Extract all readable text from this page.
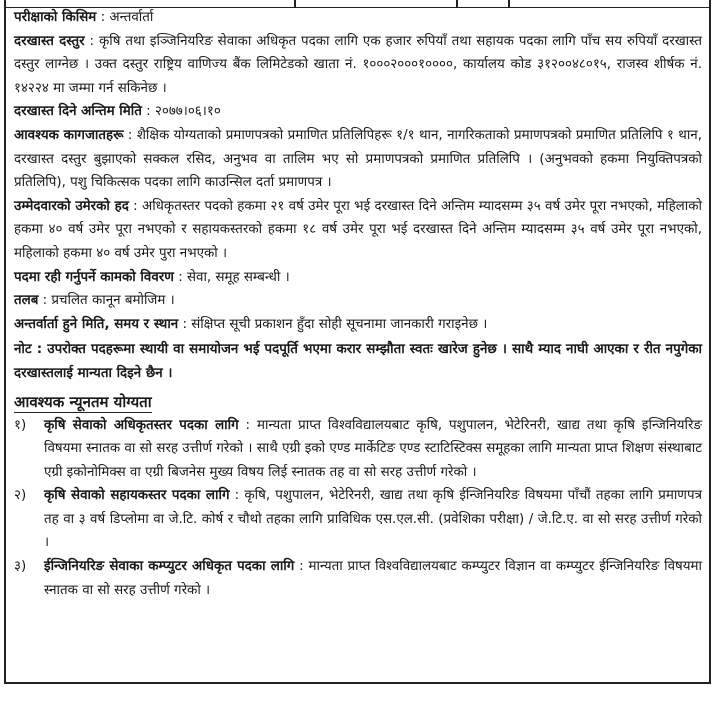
परीक्षाको किसिम : अन्तर्वार्ता

दरखास्त दस्तुर : कृषि तथा इञ्जिनियरिङ सेवाका अधिकृत पदका लागि एक हजार रुपियाँ तथा सहायक पदका लागि पाँच सय रुपियाँ दरखास्त दस्तुर लाग्नेछ । उक्त दस्तुर राष्ट्रिय वाणिज्य बैंक लिमिटेडको खाता नं. १०००२०००१००००, कार्यालय कोड ३१२००४८०१५, राजस्व शीर्षक नं. १४२२४ मा जम्मा गर्न सकिनेछ ।

दरखास्त दिने अन्तिम मिति : २०७७।०६।१०

आवश्यक कागजातहरू : शैक्षिक योग्यताको प्रमाणपत्रको प्रमाणित प्रतिलिपिहरू १/१ थान, नागरिकताको प्रमाणपत्रको प्रमाणित प्रतिलिपि १ थान, दरखास्त दस्तुर बुझाएको सक्कल रसिद, अनुभव वा तालिम भए सो प्रमाणपत्रको प्रमाणित प्रतिलिपि । (अनुभवको हकमा नियुक्तिपत्रको प्रतिलिपि), पशु चिकित्सक पदका लागि काउन्सिल दर्ता प्रमाणपत्र ।

उम्मेदवारको उमेरको हद : अधिकृतस्तर पदको हकमा २१ वर्ष उमेर पूरा भई दरखास्त दिने अन्तिम म्यादसम्म ३५ वर्ष उमेर पूरा नभएको, महिलाको हकमा ४० वर्ष उमेर पूरा नभएको र सहायकस्तरको हकमा १८ वर्ष उमेर पूरा भई दरखास्त दिने अन्तिम म्यादसम्म ३५ वर्ष उमेर पूरा नभएको, महिलाको हकमा ४० वर्ष उमेर पुरा नभएको ।

पदमा रही गर्नुपर्ने कामको विवरण : सेवा, समूह सम्बन्धी ।

तलब : प्रचलित कानून बमोजिम ।

अन्तर्वार्ता हुने मिति, समय र स्थान : संक्षिप्त सूची प्रकाशन हुँदा सोही सूचनामा जानकारी गराइनेछ ।

नोट : उपरोक्त पदहरूमा स्थायी वा समायोजन भई पदपूर्ति भएमा करार सम्झौता स्वतः खारेज हुनेछ । साथै म्याद नाघी आएका र रीत नपुगेका दरखास्तलाई मान्यता दिइने छैन ।

आवश्यक न्यूनतम योग्यता

१)	कृषि सेवाको अधिकृतस्तर पदका लागि : मान्यता प्राप्त विश्वविद्यालयबाट कृषि, पशुपालन, भेटेरिनरी, खाद्य तथा कृषि इन्जिनियरिङ विषयमा स्नातक वा सो सरह उत्तीर्ण गरेको । साथै एग्री इको एण्ड मार्केटिङ एण्ड स्टाटिस्टिक्स समूहका लागि मान्यता प्राप्त शिक्षण संस्थाबाट एग्री इकोनोमिक्स वा एग्री बिजनेस मुख्य विषय लिई स्नातक तह वा सो सरह उत्तीर्ण गरेको ।

२)	कृषि सेवाको सहायकस्तर पदका लागि : कृषि, पशुपालन, भेटेरिनरी, खाद्य तथा कृषि ईन्जिनियरिङ विषयमा पाँचौं तहका लागि प्रमाणपत्र तह वा ३ वर्ष डिप्लोमा वा जे.टि. कोर्ष र चौथो तहका लागि प्राविधिक एस.एल.सी. (प्रवेशिका परीक्षा) / जे.टि.ए. वा सो सरह उत्तीर्ण गरेको ।

३)	ईन्जिनियरिङ सेवाका कम्प्युटर अधिकृत पदका लागि : मान्यता प्राप्त विश्वविद्यालयबाट कम्प्युटर विज्ञान वा कम्प्युटर ईन्जिनियरिङ विषयमा स्नातक वा सो सरह उत्तीर्ण गरेको ।
